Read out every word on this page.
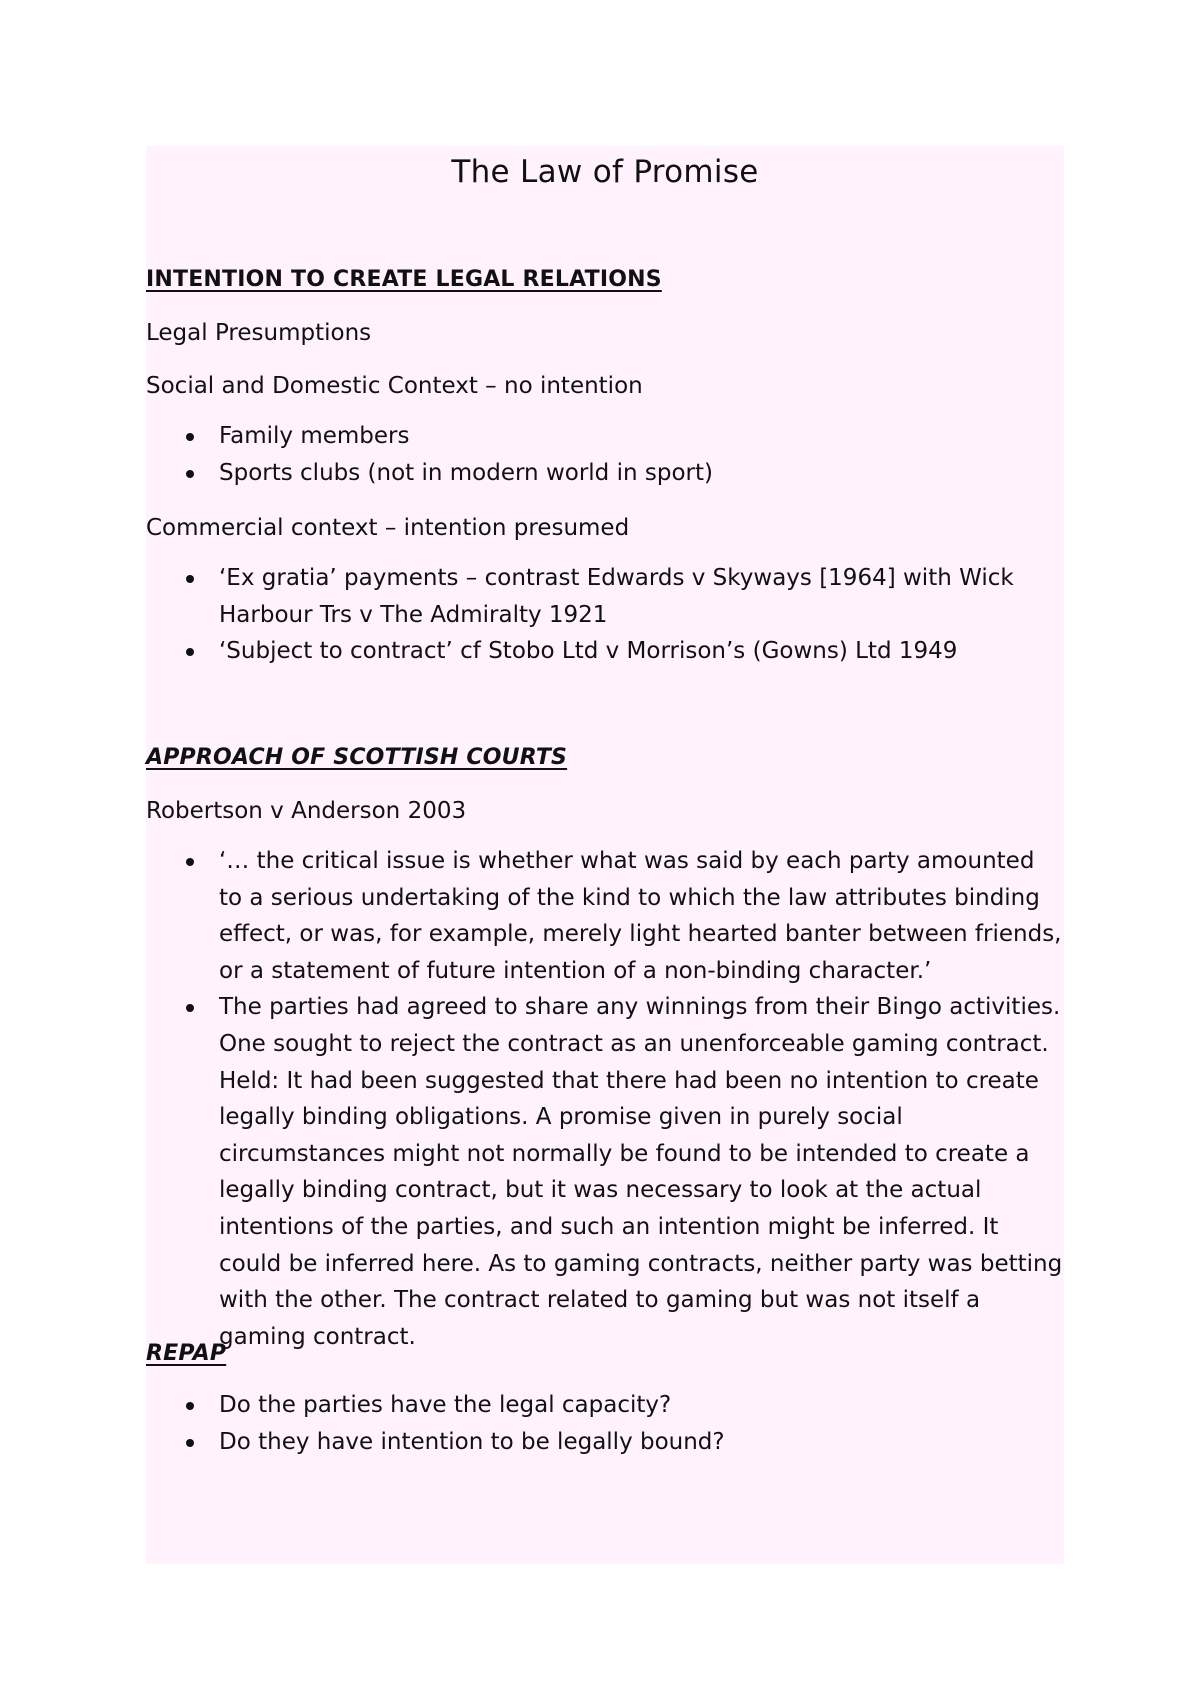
The Law of Promise
INTENTION TO CREATE LEGAL RELATIONS
Legal Presumptions
Social and Domestic Context – no intention
Family members
Sports clubs (not in modern world in sport)
Commercial context – intention presumed
‘Ex gratia’ payments – contrast Edwards v Skyways [1964] with Wick Harbour Trs v The Admiralty 1921
‘Subject to contract’ cf Stobo Ltd v Morrison’s (Gowns) Ltd 1949
APPROACH OF SCOTTISH COURTS
Robertson v Anderson 2003
‘… the critical issue is whether what was said by each party amounted to a serious undertaking of the kind to which the law attributes binding effect, or was, for example, merely light hearted banter between friends, or a statement of future intention of a non-binding character.’
The parties had agreed to share any winnings from their Bingo activities. One sought to reject the contract as an unenforceable gaming contract. Held: It had been suggested that there had been no intention to create legally binding obligations. A promise given in purely social circumstances might not normally be found to be intended to create a legally binding contract, but it was necessary to look at the actual intentions of the parties, and such an intention might be inferred. It could be inferred here. As to gaming contracts, neither party was betting with the other. The contract related to gaming but was not itself a gaming contract.
REPAP
Do the parties have the legal capacity?
Do they have intention to be legally bound?
